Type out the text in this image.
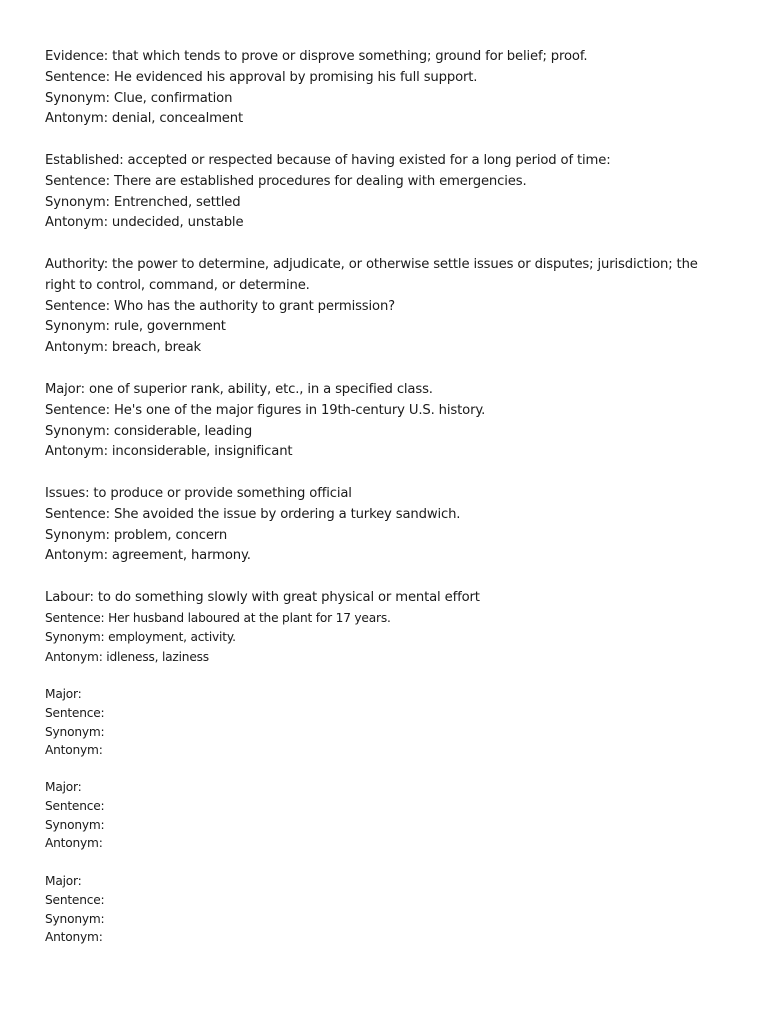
Evidence: that which tends to prove or disprove something; ground for belief; proof.
Sentence: He evidenced his approval by promising his full support.
Synonym: Clue, confirmation
Antonym: denial, concealment
Established: accepted or respected because of having existed for a long period of time:
Sentence: There are established procedures for dealing with emergencies.
Synonym: Entrenched, settled
Antonym: undecided, unstable
Authority: the power to determine, adjudicate, or otherwise settle issues or disputes; jurisdiction; the right to control, command, or determine.
Sentence: Who has the authority to grant permission?
Synonym: rule, government
Antonym: breach, break
Major: one of superior rank, ability, etc., in a specified class.
Sentence: He's one of the major figures in 19th-century U.S. history.
Synonym: considerable, leading
Antonym: inconsiderable, insignificant
Issues: to produce or provide something official
Sentence: She avoided the issue by ordering a turkey sandwich.
Synonym: problem, concern
Antonym: agreement, harmony.
Labour: to do something slowly with great physical or mental effort
Sentence: Her husband laboured at the plant for 17 years.
Synonym: employment, activity.
Antonym: idleness, laziness
Major:
Sentence:
Synonym:
Antonym:
Major:
Sentence:
Synonym:
Antonym:
Major:
Sentence:
Synonym:
Antonym:
